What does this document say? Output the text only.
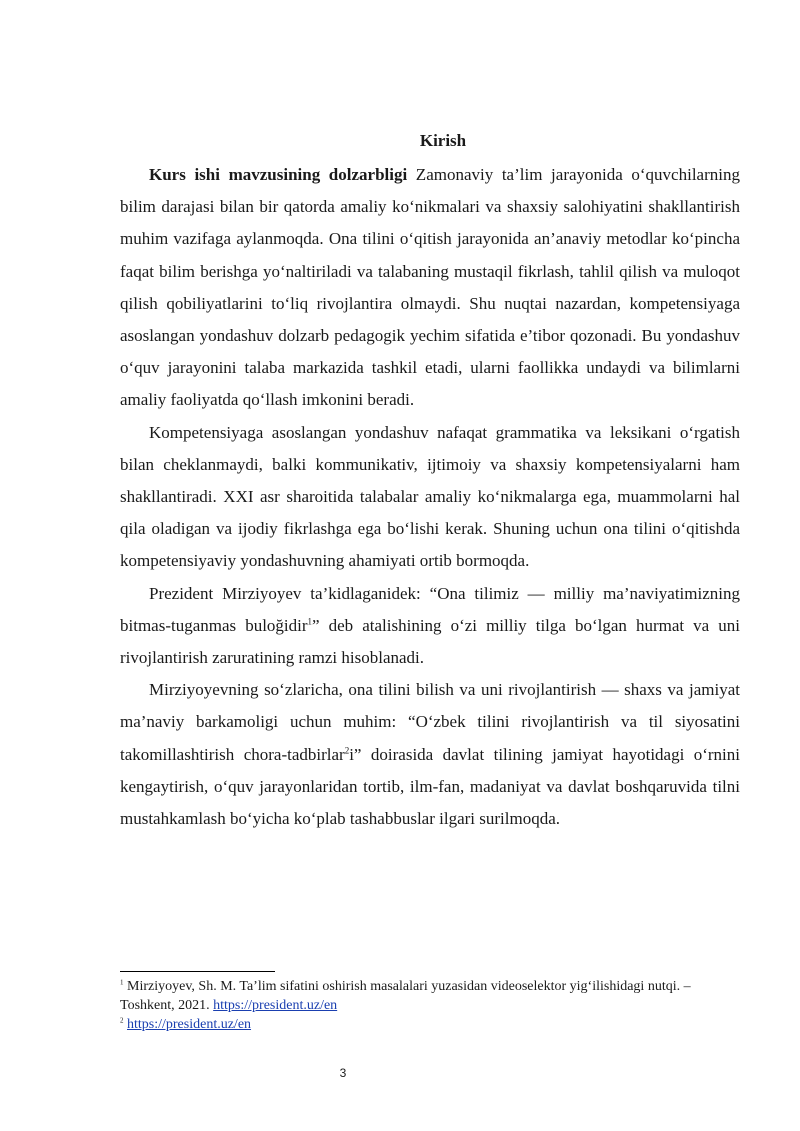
Kirish

Kurs ishi mavzusining dolzarbligi Zamonaviy ta’lim jarayonida o‘quvchilarning bilim darajasi bilan bir qatorda amaliy ko‘nikmalari va shaxsiy salohiyatini shakllantirish muhim vazifaga aylanmoqda. Ona tilini o‘qitish jarayonida an’anaviy metodlar ko‘pincha faqat bilim berishga yo‘naltiriladi va talabaning mustaqil fikrlash, tahlil qilish va muloqot qilish qobiliyatlarini to‘liq rivojlantira olmaydi. Shu nuqtai nazardan, kompetensiyaga asoslangan yondashuv dolzarb pedagogik yechim sifatida e’tibor qozonadi. Bu yondashuv o‘quv jarayonini talaba markazida tashkil etadi, ularni faollikka undaydi va bilimlarni amaliy faoliyatda qo‘llash imkonini beradi.

Kompetensiyaga asoslangan yondashuv nafaqat grammatika va leksikani o‘rgatish bilan cheklanmaydi, balki kommunikativ, ijtimoiy va shaxsiy kompetensiyalarni ham shakllantiradi. XXI asr sharoitida talabalar amaliy ko‘nikmalarga ega, muammolarni hal qila oladigan va ijodiy fikrlashga ega bo‘lishi kerak. Shuning uchun ona tilini o‘qitishda kompetensiyaviy yondashuvning ahamiyati ortib bormoqda.

Prezident Mirziyoyev ta’kidlaganidek: “Ona tilimiz — milliy ma’naviyatimizning bitmas-tuganmas buloğidir$^1$” deb atalishining o‘zi milliy tilga bo‘lgan hurmat va uni rivojlantirish zaruratining ramzi hisoblanadi.

Mirziyoyevning so‘zlaricha, ona tilini bilish va uni rivojlantirish — shaxs va jamiyat ma’naviy barkamoligi uchun muhim: “O‘zbek tilini rivojlantirish va til siyosatini takomillashtirish chora-tadbirlar$^2$i” doirasida davlat tilining jamiyat hayotidagi o‘rnini kengaytirish, o‘quv jarayonlaridan tortib, ilm-fan, madaniyat va davlat boshqaruvida tilni mustahkamlash bo‘yicha ko‘plab tashabbuslar ilgari surilmoqda.

$^1$ Mirziyoyev, Sh. M. Ta’lim sifatini oshirish masalalari yuzasidan videoselektor yig‘ilishidagi nutqi. – Toshkent, 2021. https://president.uz/en

$^2$ https://president.uz/en

3
